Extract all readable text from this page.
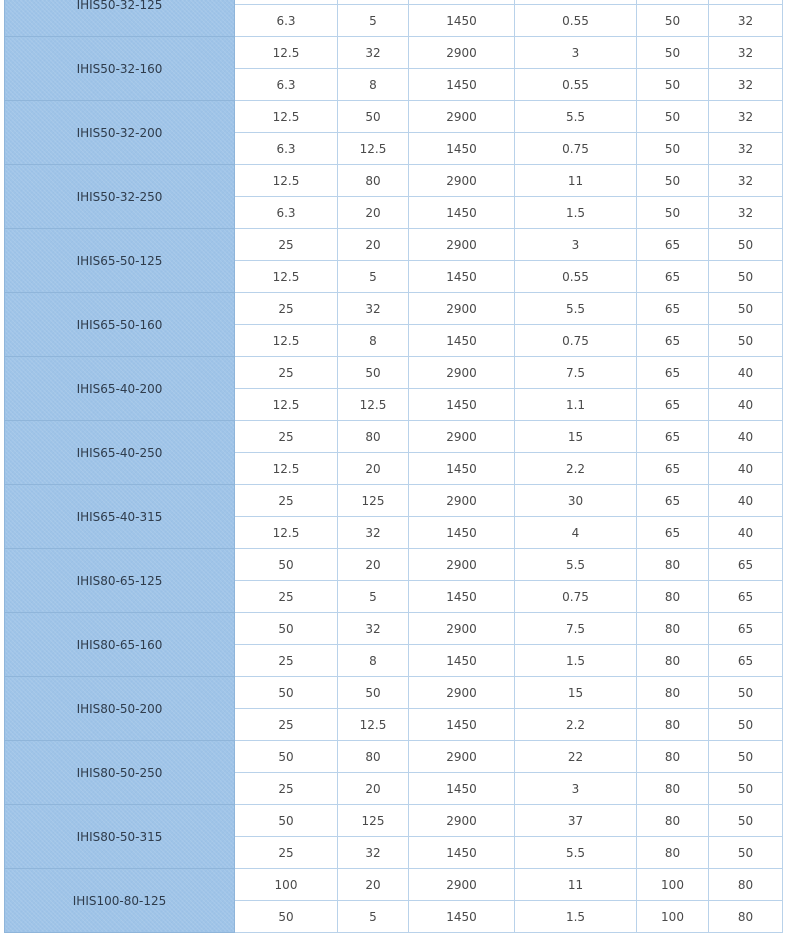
IHIS50-32-125						
	6.3	5	1450	0.55	50	32
IHIS50-32-160	12.5	32	2900	3	50	32
	6.3	8	1450	0.55	50	32
IHIS50-32-200	12.5	50	2900	5.5	50	32
	6.3	12.5	1450	0.75	50	32
IHIS50-32-250	12.5	80	2900	11	50	32
	6.3	20	1450	1.5	50	32
IHIS65-50-125	25	20	2900	3	65	50
	12.5	5	1450	0.55	65	50
IHIS65-50-160	25	32	2900	5.5	65	50
	12.5	8	1450	0.75	65	50
IHIS65-40-200	25	50	2900	7.5	65	40
	12.5	12.5	1450	1.1	65	40
IHIS65-40-250	25	80	2900	15	65	40
	12.5	20	1450	2.2	65	40
IHIS65-40-315	25	125	2900	30	65	40
	12.5	32	1450	4	65	40
IHIS80-65-125	50	20	2900	5.5	80	65
	25	5	1450	0.75	80	65
IHIS80-65-160	50	32	2900	7.5	80	65
	25	8	1450	1.5	80	65
IHIS80-50-200	50	50	2900	15	80	50
	25	12.5	1450	2.2	80	50
IHIS80-50-250	50	80	2900	22	80	50
	25	20	1450	3	80	50
IHIS80-50-315	50	125	2900	37	80	50
	25	32	1450	5.5	80	50
IHIS100-80-125	100	20	2900	11	100	80
	50	5	1450	1.5	100	80
